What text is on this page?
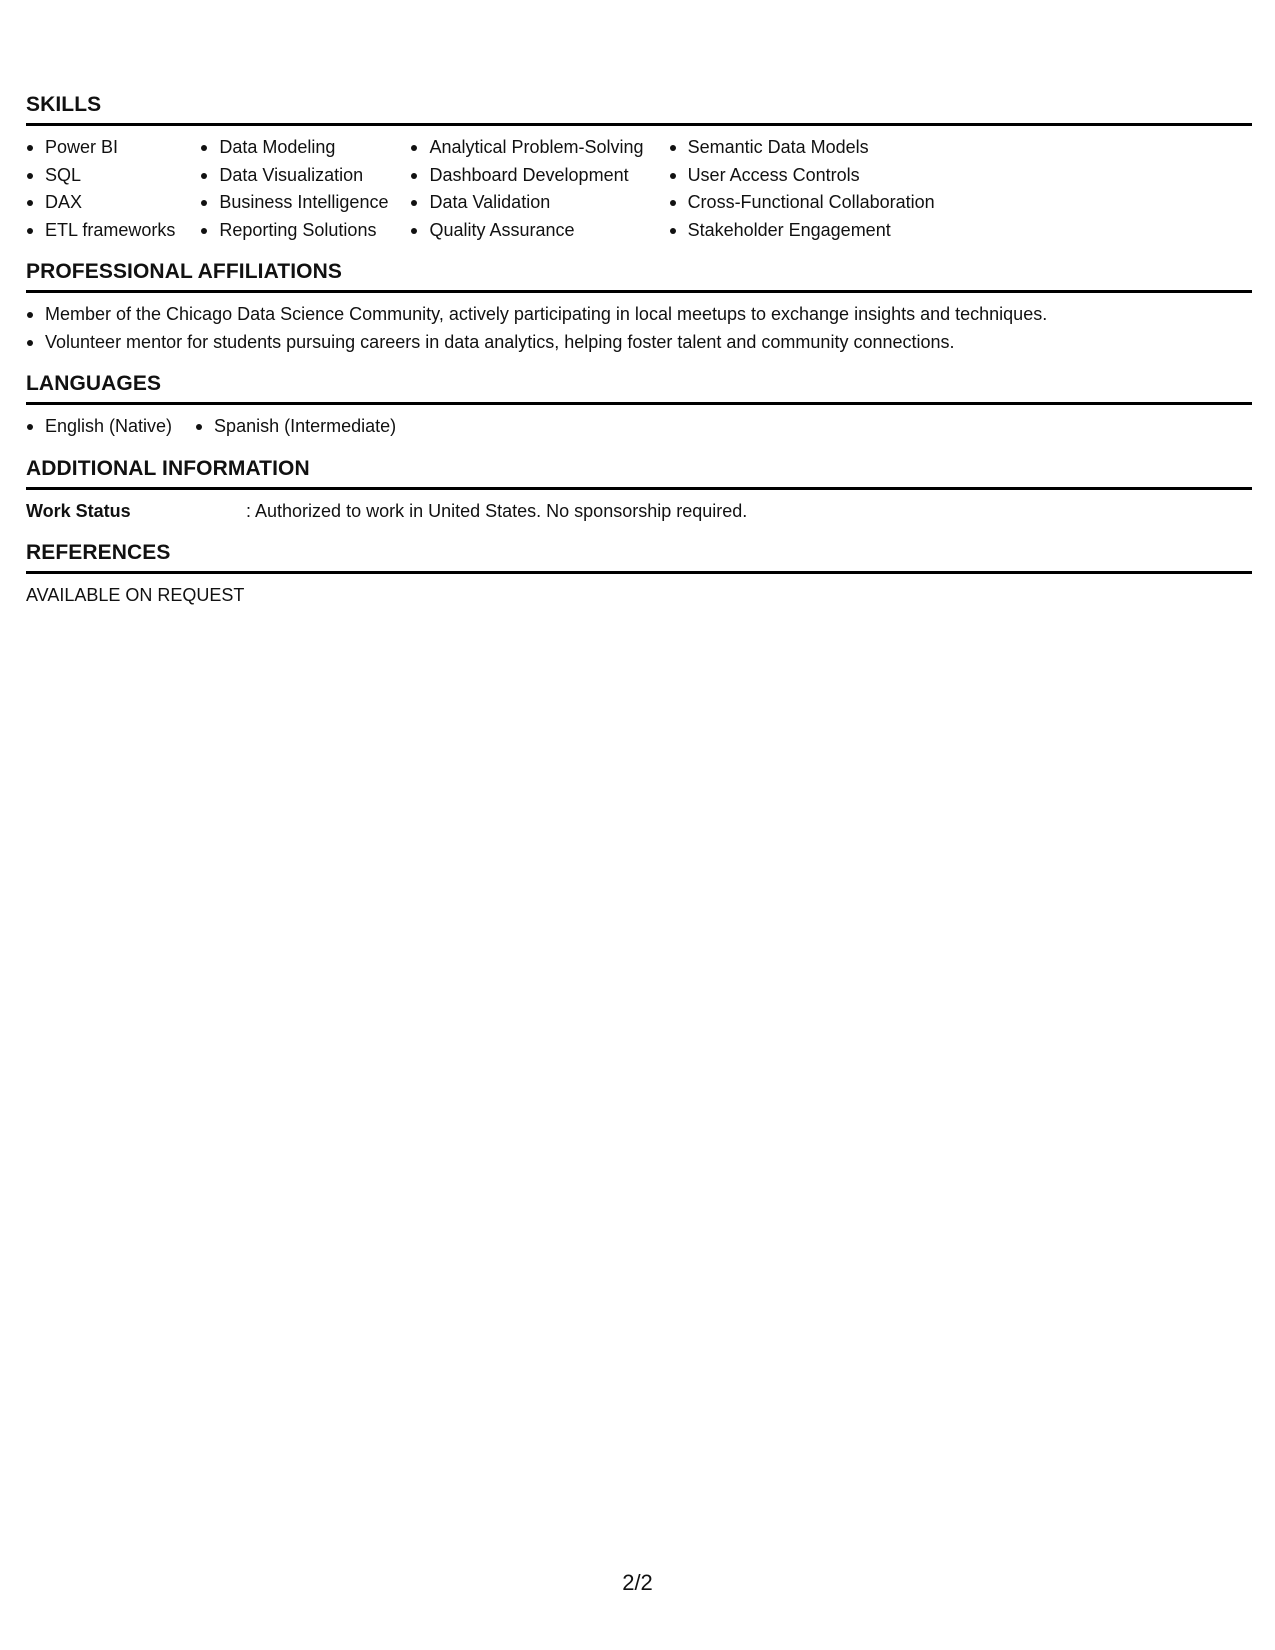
SKILLS
Power BI
SQL
DAX
ETL frameworks
Data Modeling
Data Visualization
Business Intelligence
Reporting Solutions
Analytical Problem-Solving
Dashboard Development
Data Validation
Quality Assurance
Semantic Data Models
User Access Controls
Cross-Functional Collaboration
Stakeholder Engagement
PROFESSIONAL AFFILIATIONS
Member of the Chicago Data Science Community, actively participating in local meetups to exchange insights and techniques.
Volunteer mentor for students pursuing careers in data analytics, helping foster talent and community connections.
LANGUAGES
English (Native)	Spanish (Intermediate)
ADDITIONAL INFORMATION
Work Status	: Authorized to work in United States. No sponsorship required.
REFERENCES
AVAILABLE ON REQUEST
2/2
